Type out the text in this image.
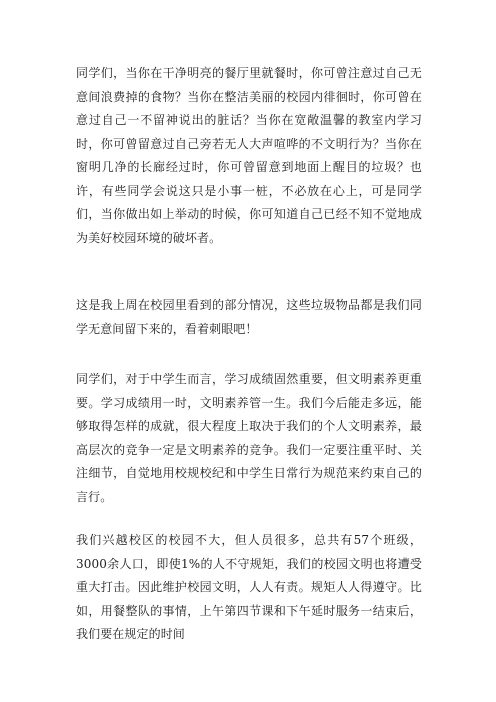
同学们，当你在干净明亮的餐厅里就餐时，你可曾注意过自己无意间浪费掉的食物？当你在整洁美丽的校园内徘徊时，你可曾在意过自己一不留神说出的脏话？当你在宽敞温馨的教室内学习时，你可曾留意过自己旁若无人大声喧哗的不文明行为？当你在窗明几净的长廊经过时，你可曾留意到地面上醒目的垃圾？也许，有些同学会说这只是小事一桩，不必放在心上，可是同学们，当你做出如上举动的时候，你可知道自己已经不知不觉地成为美好校园环境的破坏者。

这是我上周在校园里看到的部分情况，这些垃圾物品都是我们同学无意间留下来的，看着刺眼吧！

同学们，对于中学生而言，学习成绩固然重要，但文明素养更重要。学习成绩用一时，文明素养管一生。我们今后能走多远，能够取得怎样的成就，很大程度上取决于我们的个人文明素养，最高层次的竞争一定是文明素养的竞争。我们一定要注重平时、关注细节，自觉地用校规校纪和中学生日常行为规范来约束自己的言行。

我们兴越校区的校园不大，但人员很多，总共有57个班级，3000余人口，即使1%的人不守规矩，我们的校园文明也将遭受重大打击。因此维护校园文明，人人有责。规矩人人得遵守。比如，用餐整队的事情，上午第四节课和下午延时服务一结束后，我们要在规定的时间
